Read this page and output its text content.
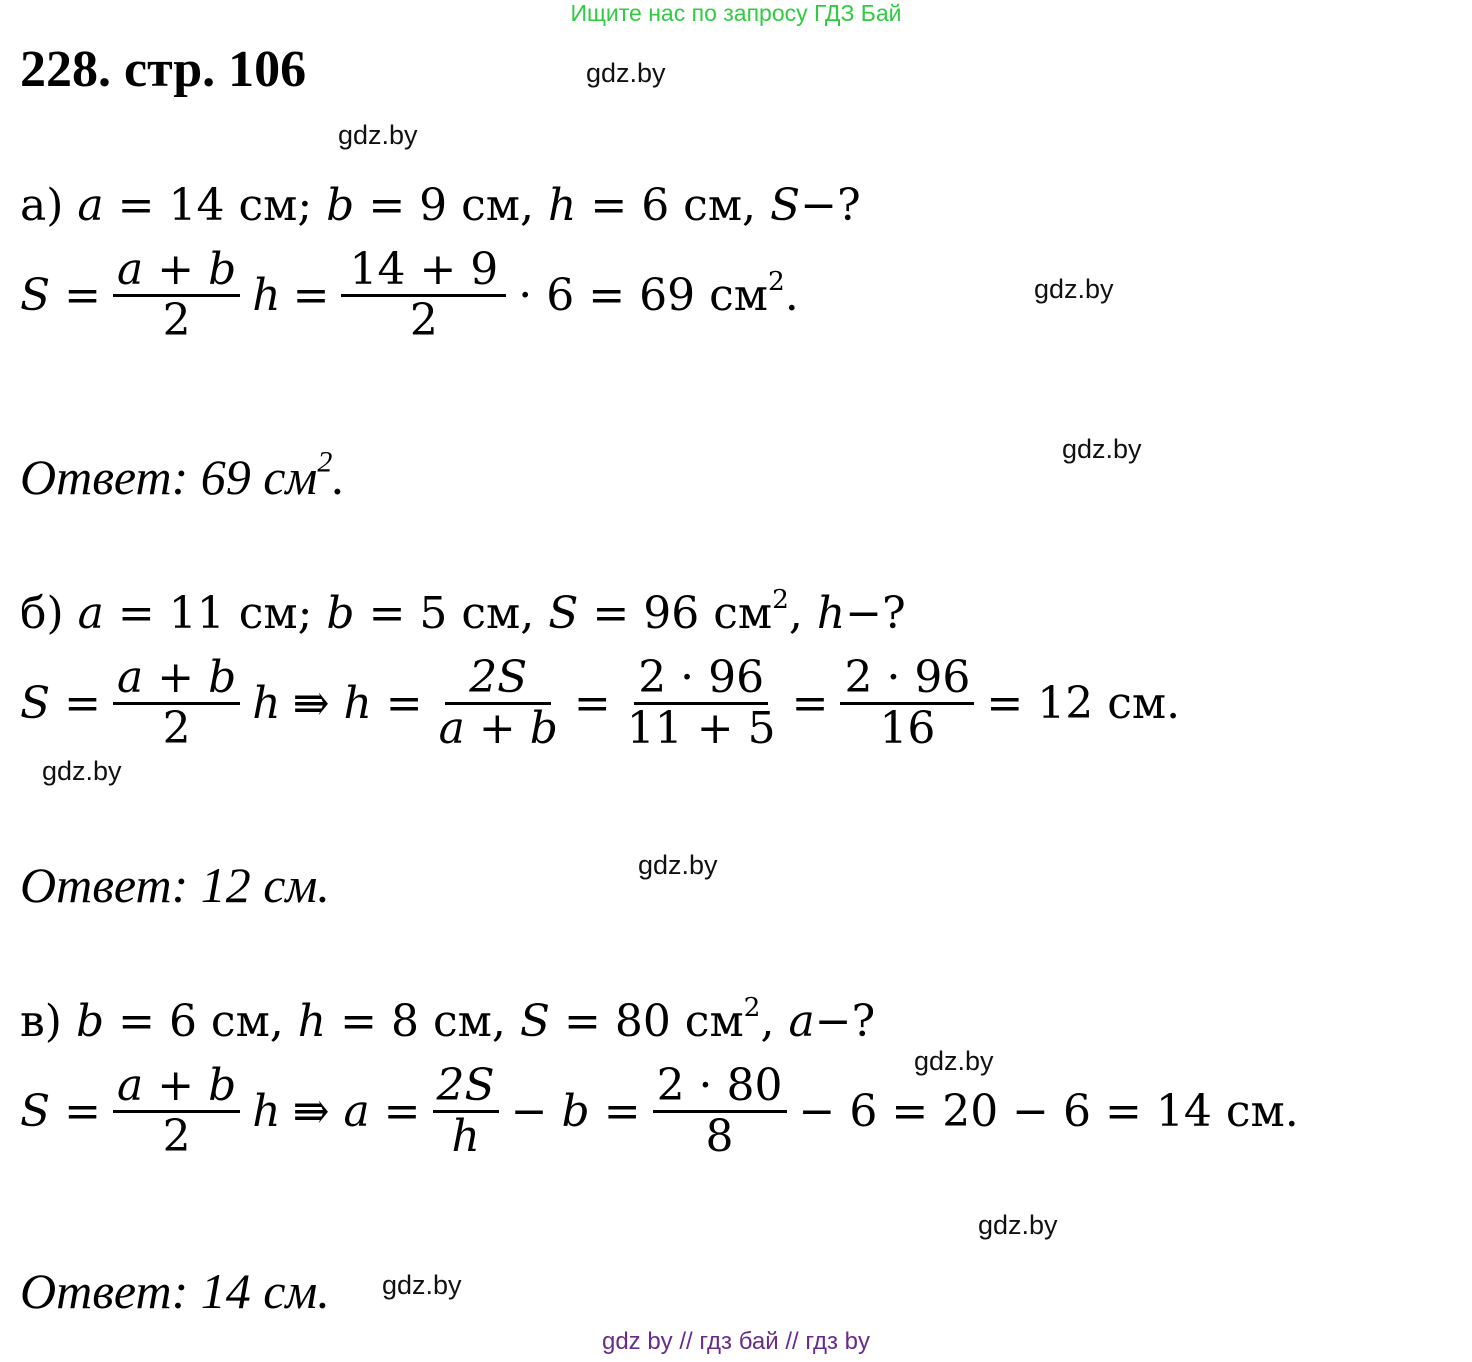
Ищите нас по запросу ГДЗ Бай
228. стр. 106	gdz.by
gdz.by
gdz.by
gdz.by
gdz.by
gdz.by
gdz.by
gdz.by
gdz.by
а) a = 14 см; b = 9 см, h = 6 см, S−?
$S = \frac{a + b}{2}$ $h = \frac{14 + 9}{2} \cdot 6 = 69$ $см^2$.
Ответ: 69 $см^2$.
б) a = 11 см; b = 5 см, S = 96 $см^2$, h−?
$S = \frac{a + b}{2}$ h ⇛ $h = \frac{2S}{a + b} = \frac{2 \cdot 96}{11 + 5} = \frac{2 \cdot 96}{16} = 12$ см.
Ответ: 12 см.
в) b = 6 см, h = 8 см, S = 80 $см^2$, a−?
$S = \frac{a + b}{2}$ h ⇛ $a = \frac{2S}{h} - b = \frac{2 \cdot 80}{8} - 6 = 20 - 6 = 14$ см.
Ответ: 14 см.
gdz by // гдз бай // гдз by
